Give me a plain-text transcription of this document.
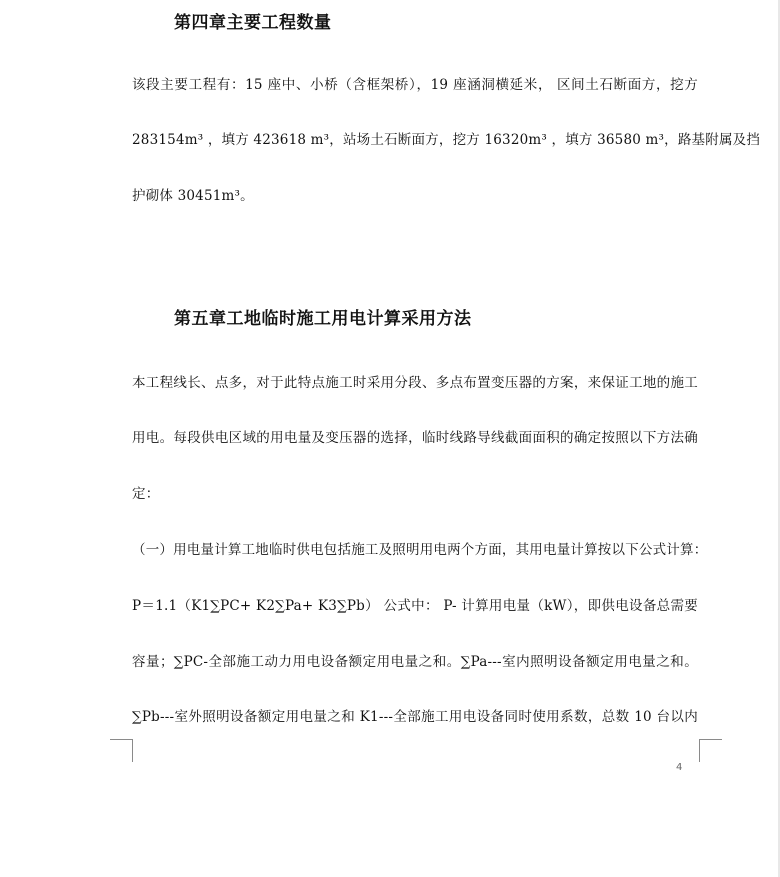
第四章主要工程数量
该段主要工程有：15 座中、小桥（含框架桥），19 座涵洞横延米， 区间土石断面方，挖方
283154m³ ，填方 423618 m³，站场土石断面方，挖方 16320m³ ，填方 36580 m³，路基附属及挡
护砌体 30451m³。
第五章工地临时施工用电计算采用方法
本工程线长、点多，对于此特点施工时采用分段、多点布置变压器的方案，来保证工地的施工
用电。每段供电区域的用电量及变压器的选择，临时线路导线截面面积的确定按照以下方法确
定：
（一）用电量计算工地临时供电包括施工及照明用电两个方面，其用电量计算按以下公式计算：
P＝1.1（K1∑PC+ K2∑Pa+ K3∑Pb） 公式中： P- 计算用电量（kW），即供电设备总需要
容量；∑PC-全部施工动力用电设备额定用电量之和。∑Pa---室内照明设备额定用电量之和。
∑Pb---室外照明设备额定用电量之和 K1---全部施工用电设备同时使用系数，总数 10 台以内
4
